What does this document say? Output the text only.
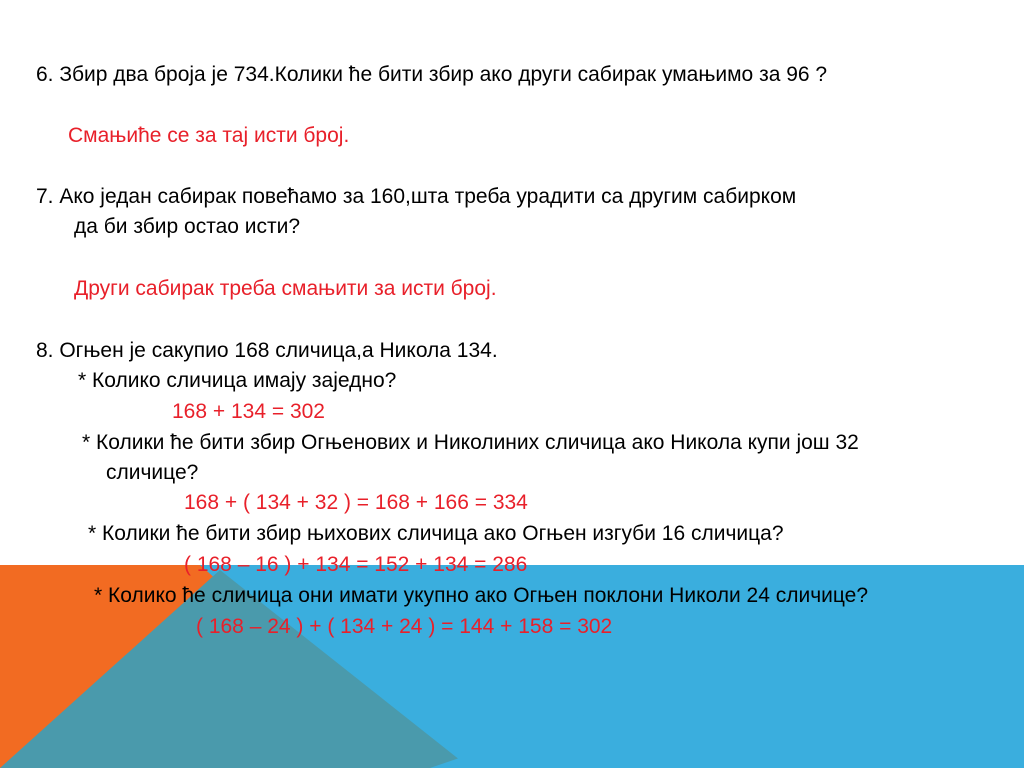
6. Збир два броја је 734.Колики ће бити збир ако други сабирак умањимо за 96 ?
Смањиће се за тај исти број.
7. Ако један сабирак повећамо за 160,шта треба урадити са другим сабирком
да би збир остао исти?
Други сабирак треба смањити за исти број.
8. Огњен је сакупио 168 сличица,а Никола 134.
* Колико сличица имају заједно?
168 + 134 = 302
* Колики ће бити збир Огњенових и Николиних сличица ако Никола купи још 32
сличице?
168 + ( 134 + 32 ) = 168 + 166 = 334
* Колики ће бити збир њихових сличица ако Огњен изгуби 16 сличица?
( 168 – 16 ) + 134 = 152 + 134 = 286
* Колико ће сличица они имати укупно ако Огњен поклони Николи 24 сличице?
( 168 – 24 ) + ( 134 + 24 ) = 144 + 158 = 302
